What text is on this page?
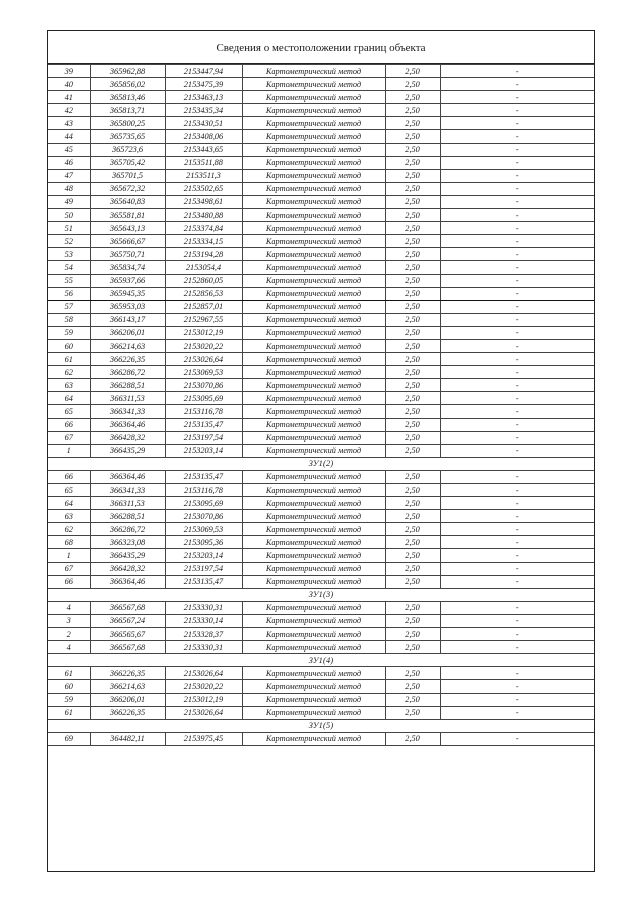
Сведения о местоположении границ объекта
39	365962,88	2153447,94	Картометрический метод	2,50	-
40	365856,02	2153475,39	Картометрический метод	2,50	-
41	365813,46	2153463,13	Картометрический метод	2,50	-
42	365813,71	2153435,34	Картометрический метод	2,50	-
43	365800,25	2153430,51	Картометрический метод	2,50	-
44	365735,65	2153408,06	Картометрический метод	2,50	-
45	365723,6	2153443,65	Картометрический метод	2,50	-
46	365705,42	2153511,88	Картометрический метод	2,50	-
47	365701,5	2153511,3	Картометрический метод	2,50	-
48	365672,32	2153502,65	Картометрический метод	2,50	-
49	365640,83	2153498,61	Картометрический метод	2,50	-
50	365581,81	2153480,88	Картометрический метод	2,50	-
51	365643,13	2153374,84	Картометрический метод	2,50	-
52	365666,67	2153334,15	Картометрический метод	2,50	-
53	365750,71	2153194,28	Картометрический метод	2,50	-
54	365834,74	2153054,4	Картометрический метод	2,50	-
55	365937,66	2152860,05	Картометрический метод	2,50	-
56	365945,35	2152856,53	Картометрический метод	2,50	-
57	365953,03	2152857,01	Картометрический метод	2,50	-
58	366143,17	2152967,55	Картометрический метод	2,50	-
59	366206,01	2153012,19	Картометрический метод	2,50	-
60	366214,63	2153020,22	Картометрический метод	2,50	-
61	366226,35	2153026,64	Картометрический метод	2,50	-
62	366286,72	2153069,53	Картометрический метод	2,50	-
63	366288,51	2153070,86	Картометрический метод	2,50	-
64	366311,53	2153095,69	Картометрический метод	2,50	-
65	366341,33	2153116,78	Картометрический метод	2,50	-
66	366364,46	2153135,47	Картометрический метод	2,50	-
67	366428,32	2153197,54	Картометрический метод	2,50	-
1	366435,29	2153203,14	Картометрический метод	2,50	-
ЗУ1(2)					
66	366364,46	2153135,47	Картометрический метод	2,50	-
65	366341,33	2153116,78	Картометрический метод	2,50	-
64	366311,53	2153095,69	Картометрический метод	2,50	-
63	366288,51	2153070,86	Картометрический метод	2,50	-
62	366286,72	2153069,53	Картометрический метод	2,50	-
68	366323,08	2153095,36	Картометрический метод	2,50	-
1	366435,29	2153203,14	Картометрический метод	2,50	-
67	366428,32	2153197,54	Картометрический метод	2,50	-
66	366364,46	2153135,47	Картометрический метод	2,50	-
ЗУ1(3)					
4	366567,68	2153330,31	Картометрический метод	2,50	-
3	366567,24	2153330,14	Картометрический метод	2,50	-
2	366565,67	2153328,37	Картометрический метод	2,50	-
4	366567,68	2153330,31	Картометрический метод	2,50	-
ЗУ1(4)					
61	366226,35	2153026,64	Картометрический метод	2,50	-
60	366214,63	2153020,22	Картометрический метод	2,50	-
59	366206,01	2153012,19	Картометрический метод	2,50	-
61	366226,35	2153026,64	Картометрический метод	2,50	-
ЗУ1(5)					
69	364482,11	2153975,45	Картометрический метод	2,50	-
